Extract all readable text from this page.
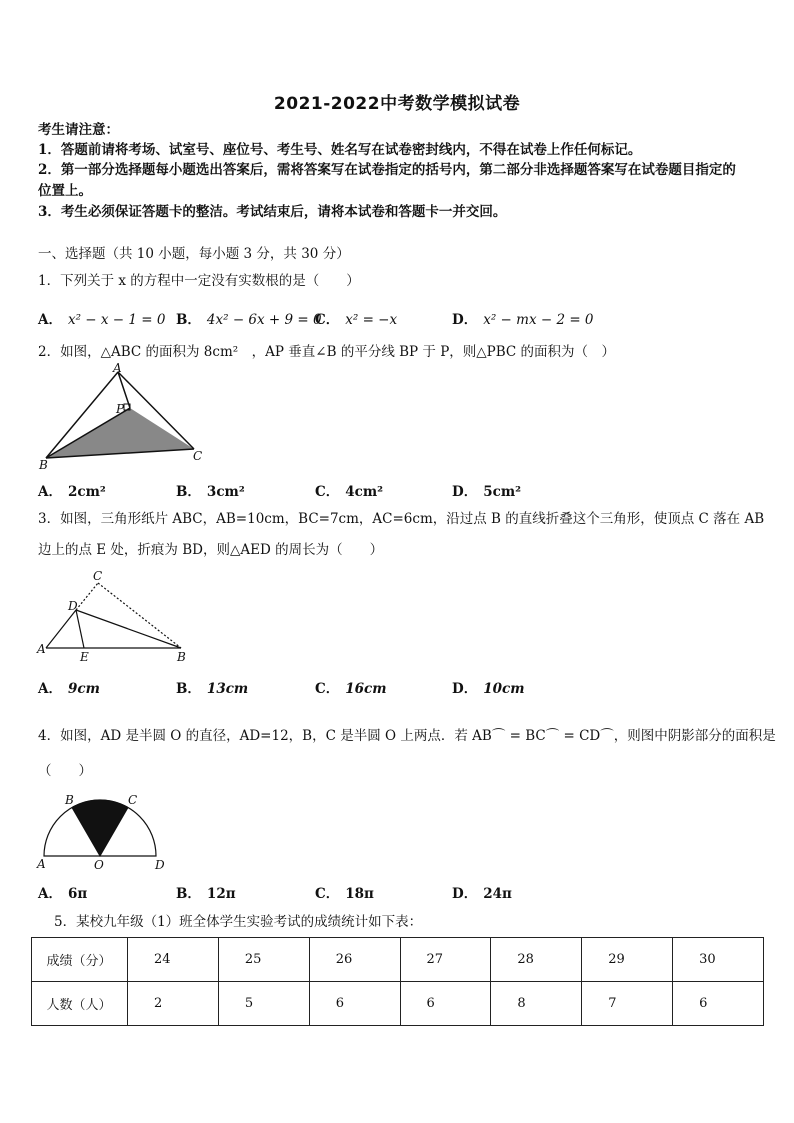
2021-2022中考数学模拟试卷
考生请注意：
1．答题前请将考场、试室号、座位号、考生号、姓名写在试卷密封线内，不得在试卷上作任何标记。
2．第一部分选择题每小题选出答案后，需将答案写在试卷指定的括号内，第二部分非选择题答案写在试卷题目指定的
位置上。
3．考生必须保证答题卡的整洁。考试结束后，请将本试卷和答题卡一并交回。
一、选择题（共 10 小题，每小题 3 分，共 30 分）
1．下列关于 x 的方程中一定没有实数根的是（　　）
A． x² − x − 1 = 0 B． 4x² − 6x + 9 = 0
C． x² = −x	D． x² − mx − 2 = 0
2．如图，△ABC 的面积为 8cm²　，AP 垂直∠B 的平分线 BP 于 P，则△PBC 的面积为（　）
A
B
C
P
A． 2cm²	B． 3cm²	C． 4cm²	D． 5cm²
3．如图，三角形纸片 ABC，AB=10cm，BC=7cm，AC=6cm，沿过点 B 的直线折叠这个三角形，使顶点 C 落在 AB
边上的点 E 处，折痕为 BD，则△AED 的周长为（　　）
A
B
C
D
E
A． 9cm	B． 13cm	C． 16cm	D． 10cm
4．如图，AD 是半圆 O 的直径，AD=12，B，C 是半圆 O 上两点．若 AB⌒ = BC⌒ = CD⌒，则图中阴影部分的面积是
（　　）
A
B	C
D
O
A． 6π	B． 12π	C． 18π	D． 24π
5．某校九年级（1）班全体学生实验考试的成绩统计如下表：
成绩（分）	24	25	26	27	28	29	30
人数（人）	2	5	6	6	8	7	6
